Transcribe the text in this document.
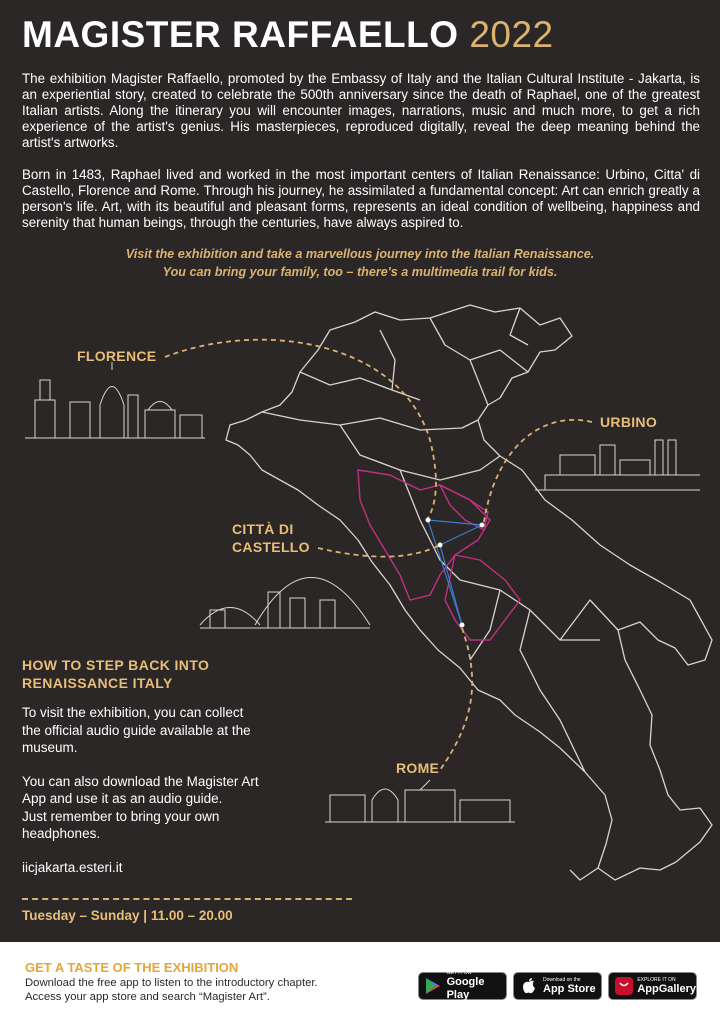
MAGISTER RAFFAELLO 2022

The exhibition Magister Raffaello, promoted by the Embassy of Italy and the Italian Cultural Institute - Jakarta, is an experiential story, created to celebrate the 500th anniversary since the death of Raphael, one of the greatest Italian artists. Along the itinerary you will encounter images, narrations, music and much more, to get a rich experience of the artist's genius. His masterpieces, reproduced digitally, reveal the deep meaning behind the artist's artworks.

Born in 1483, Raphael lived and worked in the most important centers of Italian Renaissance: Urbino, Citta' di Castello, Florence and Rome. Through his journey, he assimilated a fundamental concept: Art can enrich greatly a person's life. Art, with its beautiful and pleasant forms, represents an ideal condition of wellbeing, happiness and serenity that human beings, through the centuries, have always aspired to.

Visit the exhibition and take a marvellous journey into the Italian Renaissance.
You can bring your family, too – there's a multimedia trail for kids.
FLORENCE
URBINO
CITTÀ DI
CASTELLO
ROME
HOW TO STEP BACK INTO
RENAISSANCE ITALY

To visit the exhibition, you can collect
the official audio guide available at the
museum.

You can also download the Magister Art
App and use it as an audio guide.
Just remember to bring your own
headphones.

iicjakarta.esteri.it

Tuesday – Sunday | 11.00 – 20.00
GET A TASTE OF THE EXHIBITION
Download the free app to listen to the introductory chapter.
Access your app store and search “Magister Art”.
GET IT ON
Google Play
Download on the
App Store
EXPLORE IT ON
AppGallery
